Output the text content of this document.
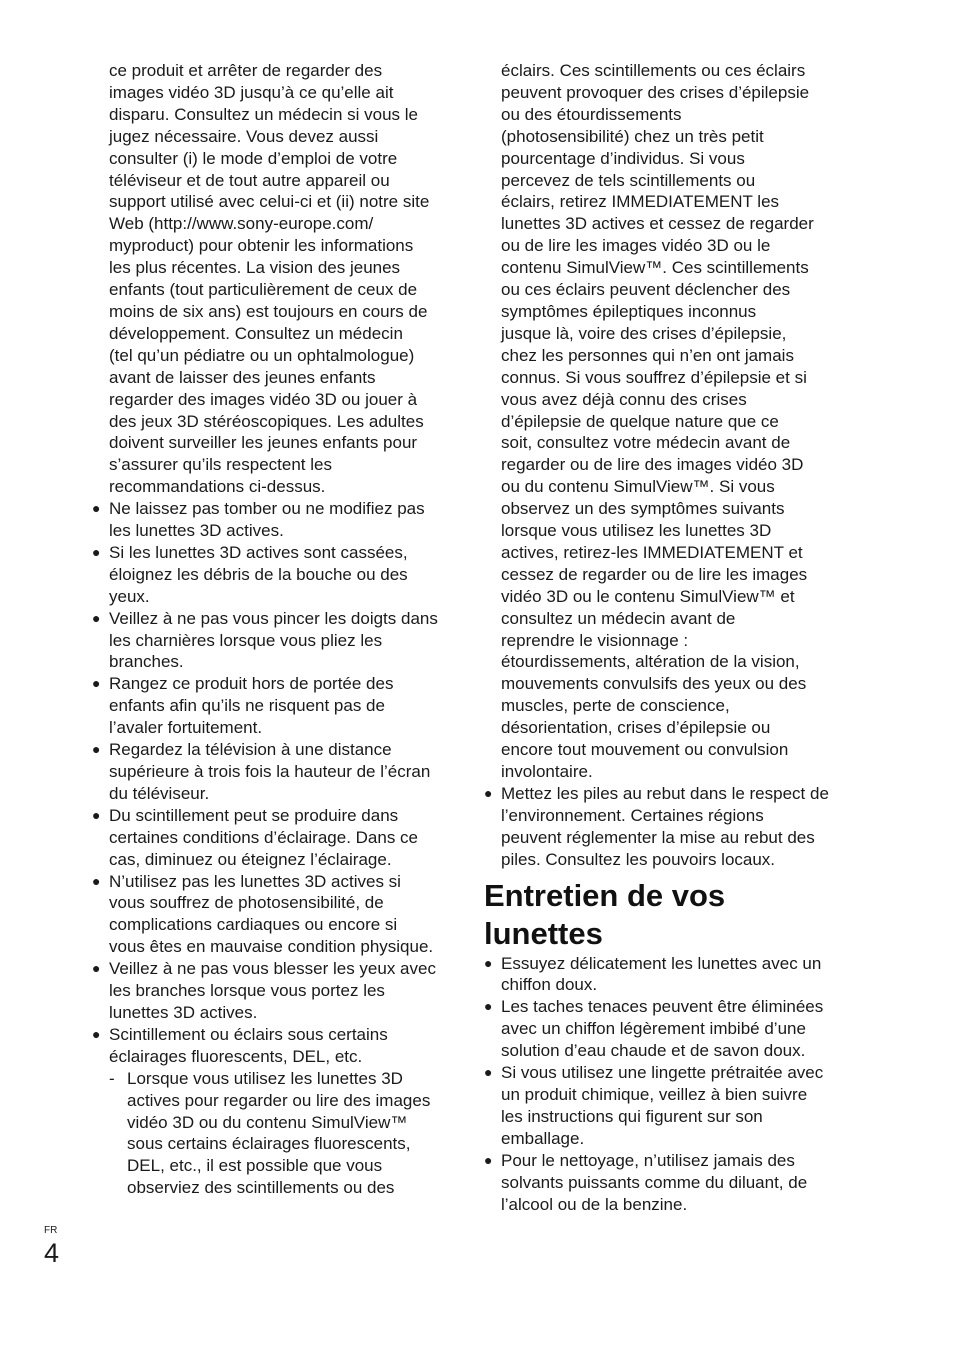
ce produit et arrêter de regarder des
images vidéo 3D jusqu’à ce qu’elle ait
disparu. Consultez un médecin si vous le
jugez nécessaire. Vous devez aussi
consulter (i) le mode d’emploi de votre
téléviseur et de tout autre appareil ou
support utilisé avec celui-ci et (ii) notre site
Web (http://www.sony-europe.com/
myproduct) pour obtenir les informations
les plus récentes. La vision des jeunes
enfants (tout particulièrement de ceux de
moins de six ans) est toujours en cours de
développement. Consultez un médecin
(tel qu’un pédiatre ou un ophtalmologue)
avant de laisser des jeunes enfants
regarder des images vidéo 3D ou jouer à
des jeux 3D stéréoscopiques. Les adultes
doivent surveiller les jeunes enfants pour
s’assurer qu’ils respectent les
recommandations ci-dessus.
● Ne laissez pas tomber ou ne modifiez pas
les lunettes 3D actives.
● Si les lunettes 3D actives sont cassées,
éloignez les débris de la bouche ou des
yeux.
● Veillez à ne pas vous pincer les doigts dans
les charnières lorsque vous pliez les
branches.
● Rangez ce produit hors de portée des
enfants afin qu’ils ne risquent pas de
l’avaler fortuitement.
● Regardez la télévision à une distance
supérieure à trois fois la hauteur de l’écran
du téléviseur.
● Du scintillement peut se produire dans
certaines conditions d’éclairage. Dans ce
cas, diminuez ou éteignez l’éclairage.
● N’utilisez pas les lunettes 3D actives si
vous souffrez de photosensibilité, de
complications cardiaques ou encore si
vous êtes en mauvaise condition physique.
● Veillez à ne pas vous blesser les yeux avec
les branches lorsque vous portez les
lunettes 3D actives.
● Scintillement ou éclairs sous certains
éclairages fluorescents, DEL, etc.
- Lorsque vous utilisez les lunettes 3D
actives pour regarder ou lire des images
vidéo 3D ou du contenu SimulView™
sous certains éclairages fluorescents,
DEL, etc., il est possible que vous
observiez des scintillements ou des
éclairs. Ces scintillements ou ces éclairs
peuvent provoquer des crises d’épilepsie
ou des étourdissements
(photosensibilité) chez un très petit
pourcentage d’individus. Si vous
percevez de tels scintillements ou
éclairs, retirez IMMEDIATEMENT les
lunettes 3D actives et cessez de regarder
ou de lire les images vidéo 3D ou le
contenu SimulView™. Ces scintillements
ou ces éclairs peuvent déclencher des
symptômes épileptiques inconnus
jusque là, voire des crises d’épilepsie,
chez les personnes qui n’en ont jamais
connus. Si vous souffrez d’épilepsie et si
vous avez déjà connu des crises
d’épilepsie de quelque nature que ce
soit, consultez votre médecin avant de
regarder ou de lire des images vidéo 3D
ou du contenu SimulView™. Si vous
observez un des symptômes suivants
lorsque vous utilisez les lunettes 3D
actives, retirez-les IMMEDIATEMENT et
cessez de regarder ou de lire les images
vidéo 3D ou le contenu SimulView™ et
consultez un médecin avant de
reprendre le visionnage :
étourdissements, altération de la vision,
mouvements convulsifs des yeux ou des
muscles, perte de conscience,
désorientation, crises d’épilepsie ou
encore tout mouvement ou convulsion
involontaire.
● Mettez les piles au rebut dans le respect de
l’environnement. Certaines régions
peuvent réglementer la mise au rebut des
piles. Consultez les pouvoirs locaux.
Entretien de vos lunettes
● Essuyez délicatement les lunettes avec un
chiffon doux.
● Les taches tenaces peuvent être éliminées
avec un chiffon légèrement imbibé d’une
solution d’eau chaude et de savon doux.
● Si vous utilisez une lingette prétraitée avec
un produit chimique, veillez à bien suivre
les instructions qui figurent sur son
emballage.
● Pour le nettoyage, n’utilisez jamais des
solvants puissants comme du diluant, de
l’alcool ou de la benzine.
FR
4
